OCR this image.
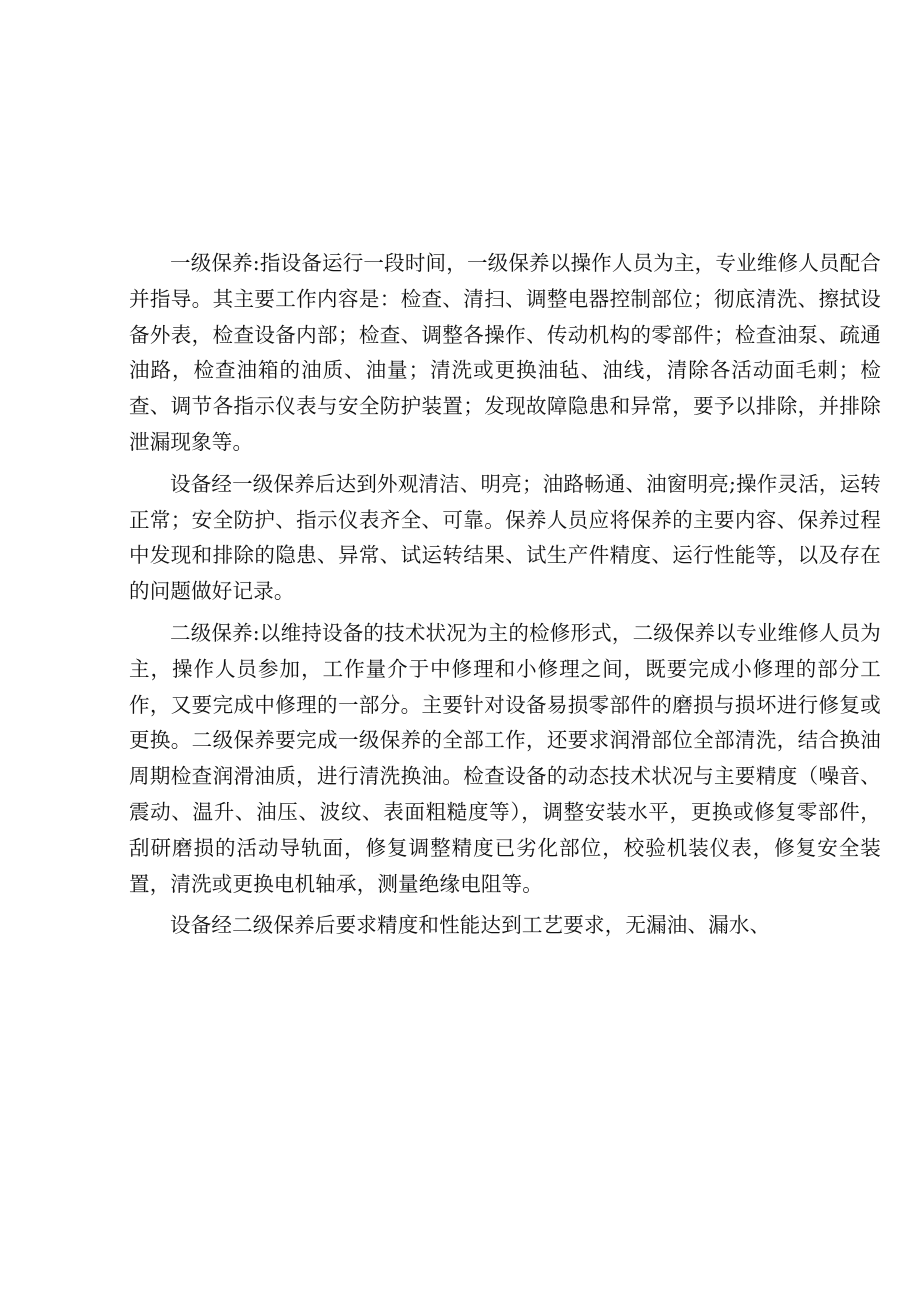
一级保养:指设备运行一段时间，一级保养以操作人员为主，专业维修人员配合并指导。其主要工作内容是：检查、清扫、调整电器控制部位；彻底清洗、擦拭设备外表，检查设备内部；检查、调整各操作、传动机构的零部件；检查油泵、疏通油路，检查油箱的油质、油量；清洗或更换油毡、油线，清除各活动面毛刺；检查、调节各指示仪表与安全防护装置；发现故障隐患和异常，要予以排除，并排除泄漏现象等。

设备经一级保养后达到外观清洁、明亮；油路畅通、油窗明亮;操作灵活，运转正常；安全防护、指示仪表齐全、可靠。保养人员应将保养的主要内容、保养过程中发现和排除的隐患、异常、试运转结果、试生产件精度、运行性能等，以及存在的问题做好记录。

二级保养:以维持设备的技术状况为主的检修形式，二级保养以专业维修人员为主，操作人员参加，工作量介于中修理和小修理之间，既要完成小修理的部分工作，又要完成中修理的一部分。主要针对设备易损零部件的磨损与损坏进行修复或更换。二级保养要完成一级保养的全部工作，还要求润滑部位全部清洗，结合换油周期检查润滑油质，进行清洗换油。检查设备的动态技术状况与主要精度（噪音、震动、温升、油压、波纹、表面粗糙度等），调整安装水平，更换或修复零部件，刮研磨损的活动导轨面，修复调整精度已劣化部位，校验机装仪表，修复安全装置，清洗或更换电机轴承，测量绝缘电阻等。

设备经二级保养后要求精度和性能达到工艺要求，无漏油、漏水、
